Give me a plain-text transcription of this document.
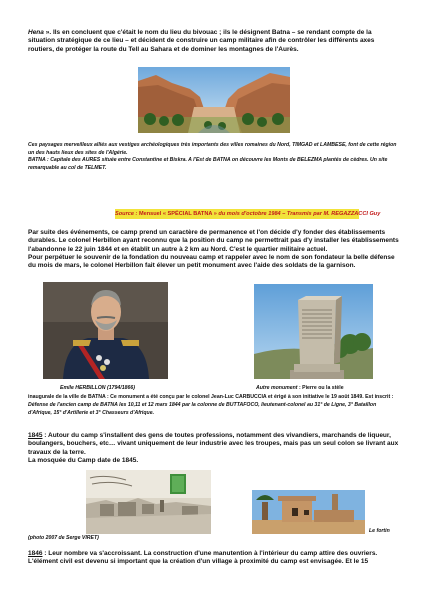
Hena ». Ils en concluent que c'était le nom du lieu du bivouac ; ils le désignent Batna – se rendant compte de la situation stratégique de ce lieu – et décident de construire un camp militaire afin de contrôler les différents axes routiers, de protéger la route du Tell au Sahara et de dominer les montagnes de l'Aurès.

Ces paysages merveilleux alliés aux vestiges archéologiques très importants des villes romaines du Nord, TIMGAD et LAMBESE, font de cette région un des hauts lieux des sites de l'Algérie.
BATNA : Capitale des AURES située entre Constantine et Biskra. A l'Est de BATNA on découvre les Monts de BELEZMA plantés de cèdres. Un site remarquable au col de TELMET.

Source : Mensuel « SPÉCIAL BATNA » du mois d'octobre 1984 – Transmis par M. REGAZZACCI Guy

Par suite des événements, ce camp prend un caractère de permanence et l'on décide d'y fonder des établissements durables. Le colonel Herbillon ayant reconnu que la position du camp ne permettrait pas d'y installer les établissements l'abandonne le 22 juin 1844 et en établit un autre à 2 km au Nord. C'est le quartier militaire actuel.
Pour perpétuer le souvenir de la fondation du nouveau camp et rappeler avec le nom de son fondateur la belle défense du mois de mars, le colonel Herbillon fait élever un petit monument avec l'aide des soldats de la garnison.

Emile HERBILLON (1794/1866)	Autre monument : Pierre ou la stèle

inaugurale de la ville de BATNA : Ce monument a été conçu par le colonel Jean-Luc CARBUCCIA et érigé à son initiative le 19 août 1849. Est inscrit : Défense de l'ancien camp de BATNA les 10,11 et 12 mars 1844 par la colonne de BUTTAFOCO, lieutenant-colonel au 31° de Ligne, 3° Bataillon d'Afrique, 15° d'Artillerie et 3° Chasseurs d'Afrique.

1845 : Autour du camp s'installent des gens de toutes professions, notamment des vivandiers, marchands de liqueur, boulangers, bouchers, etc… vivant uniquement de leur industrie avec les troupes, mais pas un seul colon se livrant aux travaux de la terre.
La mosquée du Camp date de 1845.

Le fortin

(photo 2007 de Serge VIRET)

1846 : Leur nombre va s'accroissant. La construction d'une manutention à l'intérieur du camp attire des ouvriers. L'élément civil est devenu si important que la création d'un village à proximité du camp est envisagée. Et le 15
